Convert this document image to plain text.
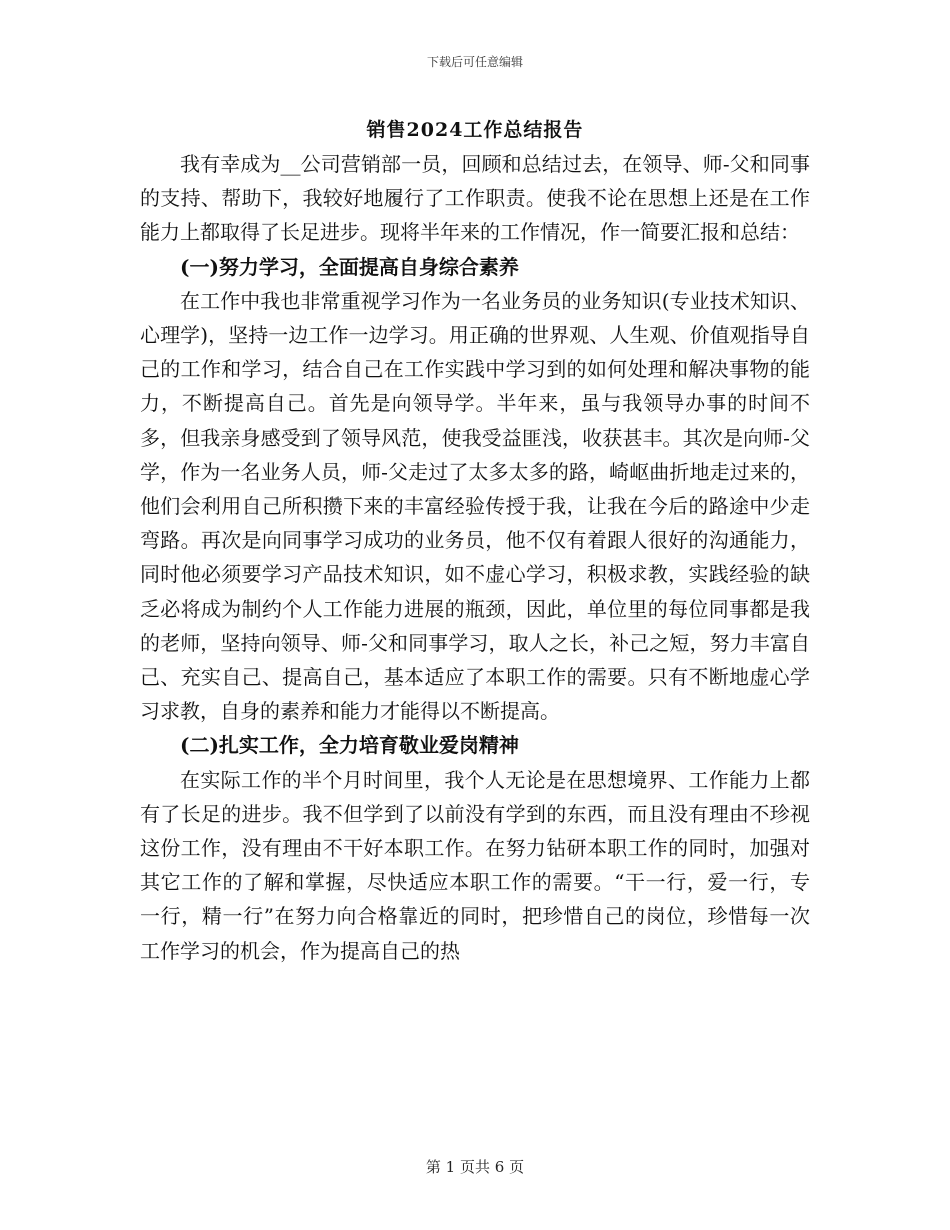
下载后可任意编辑
销售2024工作总结报告

我有幸成为__公司营销部一员，回顾和总结过去，在领导、师-父和同事的支持、帮助下，我较好地履行了工作职责。使我不论在思想上还是在工作能力上都取得了长足进步。现将半年来的工作情况，作一简要汇报和总结：

(一)努力学习，全面提高自身综合素养

在工作中我也非常重视学习作为一名业务员的业务知识(专业技术知识、心理学)，坚持一边工作一边学习。用正确的世界观、人生观、价值观指导自己的工作和学习，结合自己在工作实践中学习到的如何处理和解决事物的能力，不断提高自己。首先是向领导学。半年来，虽与我领导办事的时间不多，但我亲身感受到了领导风范，使我受益匪浅，收获甚丰。其次是向师-父学，作为一名业务人员，师-父走过了太多太多的路，崎岖曲折地走过来的，他们会利用自己所积攒下来的丰富经验传授于我，让我在今后的路途中少走弯路。再次是向同事学习成功的业务员，他不仅有着跟人很好的沟通能力，同时他必须要学习产品技术知识，如不虚心学习，积极求教，实践经验的缺乏必将成为制约个人工作能力进展的瓶颈，因此，单位里的每位同事都是我的老师，坚持向领导、师-父和同事学习，取人之长，补己之短，努力丰富自己、充实自己、提高自己，基本适应了本职工作的需要。只有不断地虚心学习求教，自身的素养和能力才能得以不断提高。

(二)扎实工作，全力培育敬业爱岗精神

在实际工作的半个月时间里，我个人无论是在思想境界、工作能力上都有了长足的进步。我不但学到了以前没有学到的东西，而且没有理由不珍视这份工作，没有理由不干好本职工作。在努力钻研本职工作的同时，加强对其它工作的了解和掌握，尽快适应本职工作的需要。“干一行，爱一行，专一行，精一行”在努力向合格靠近的同时，把珍惜自己的岗位，珍惜每一次工作学习的机会，作为提高自己的热

第 1 页共 6 页
